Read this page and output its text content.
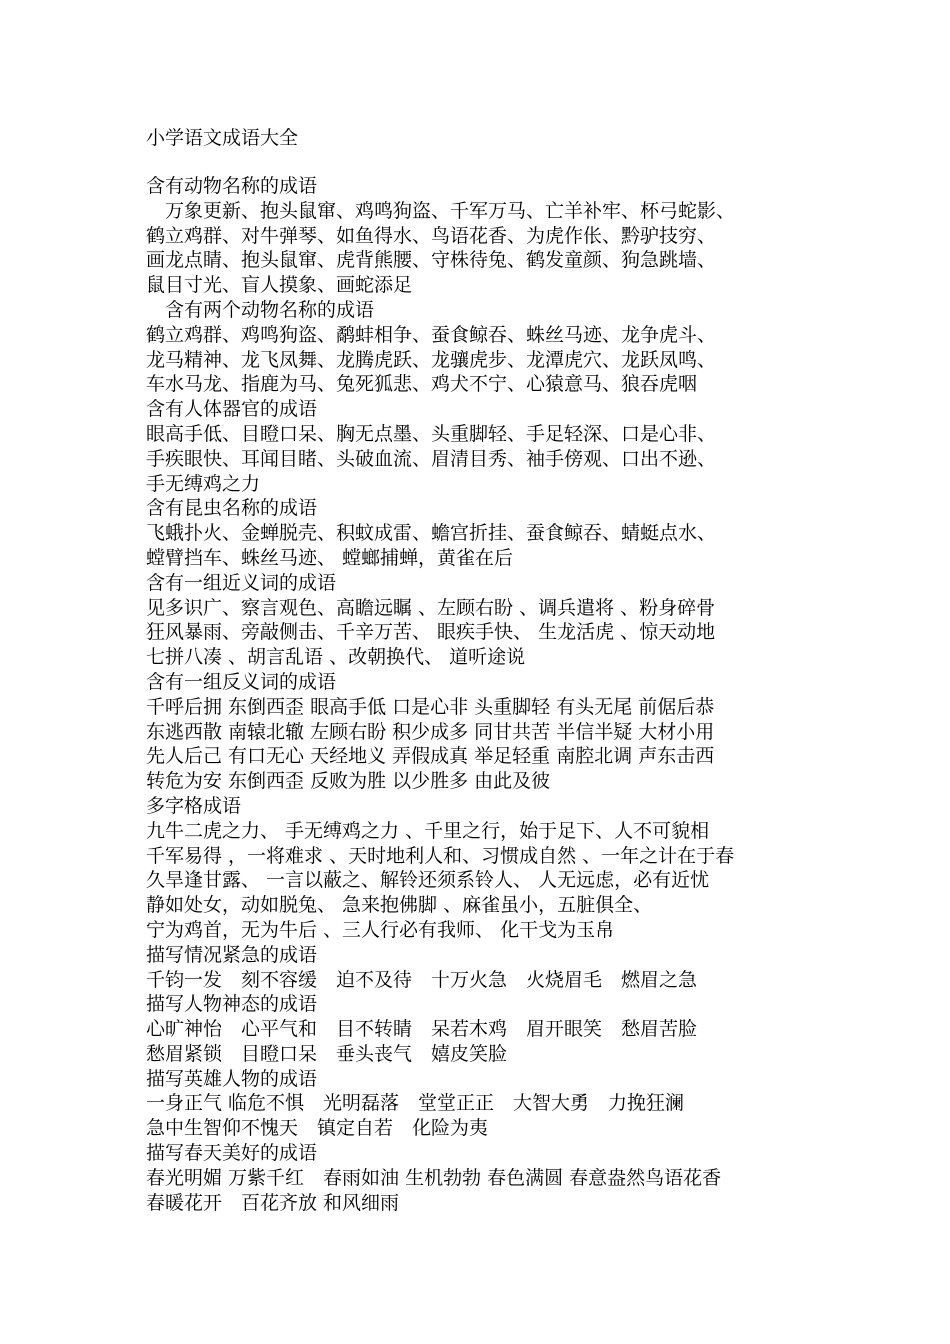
小学语文成语大全
含有动物名称的成语
　万象更新、抱头鼠窜、鸡鸣狗盗、千军万马、亡羊补牢、杯弓蛇影、
鹤立鸡群、对牛弹琴、如鱼得水、鸟语花香、为虎作伥、黔驴技穷、
画龙点睛、抱头鼠窜、虎背熊腰、守株待兔、鹤发童颜、狗急跳墙、
鼠目寸光、盲人摸象、画蛇添足
　含有两个动物名称的成语
鹤立鸡群、鸡鸣狗盗、鹬蚌相争、蚕食鲸吞、蛛丝马迹、龙争虎斗、
龙马精神、龙飞凤舞、龙腾虎跃、龙骧虎步、龙潭虎穴、龙跃凤鸣、
车水马龙、指鹿为马、兔死狐悲、鸡犬不宁、心猿意马、狼吞虎咽
含有人体器官的成语
眼高手低、目瞪口呆、胸无点墨、头重脚轻、手足轻深、口是心非、
手疾眼快、耳闻目睹、头破血流、眉清目秀、袖手傍观、口出不逊、
手无缚鸡之力
含有昆虫名称的成语
飞蛾扑火、金蝉脱壳、积蚊成雷、蟾宫折挂、蚕食鲸吞、蜻蜓点水、
螳臂挡车、蛛丝马迹、 螳螂捕蝉，黄雀在后
含有一组近义词的成语
见多识广、察言观色、高瞻远瞩 、左顾右盼 、调兵遣将 、粉身碎骨
狂风暴雨、旁敲侧击、千辛万苦、 眼疾手快、 生龙活虎 、惊天动地
七拼八凑 、胡言乱语 、改朝换代、 道听途说
含有一组反义词的成语
千呼后拥 东倒西歪 眼高手低 口是心非 头重脚轻 有头无尾 前倨后恭
东逃西散 南辕北辙 左顾右盼 积少成多 同甘共苦 半信半疑 大材小用
先人后己 有口无心 天经地义 弄假成真 举足轻重 南腔北调 声东击西
转危为安 东倒西歪 反败为胜 以少胜多 由此及彼
多字格成语
九牛二虎之力、 手无缚鸡之力 、千里之行，始于足下、人不可貌相
千军易得 ，一将难求 、天时地利人和、习惯成自然 、一年之计在于春
久旱逢甘露、 一言以蔽之、解铃还须系铃人、 人无远虑，必有近忧
静如处女，动如脱兔、 急来抱佛脚 、麻雀虽小，五脏俱全、
宁为鸡首，无为牛后 、三人行必有我师、 化干戈为玉帛
描写情况紧急的成语
千钧一发　刻不容缓　迫不及待　十万火急　火烧眉毛　燃眉之急
描写人物神态的成语
心旷神怡　心平气和　目不转睛　呆若木鸡　眉开眼笑　愁眉苦脸
愁眉紧锁　目瞪口呆　垂头丧气　嬉皮笑脸
描写英雄人物的成语
一身正气 临危不惧　光明磊落　堂堂正正　大智大勇　力挽狂澜
急中生智仰不愧天　镇定自若　化险为夷
描写春天美好的成语
春光明媚 万紫千红　春雨如油 生机勃勃 春色满圆 春意盎然鸟语花香
春暖花开　百花齐放 和风细雨
